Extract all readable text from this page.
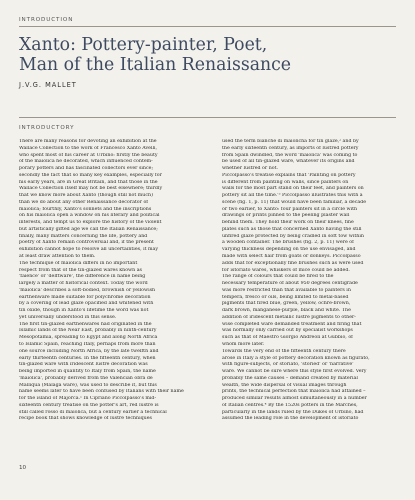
INTRODUCTION
Xanto: Pottery-painter, Poet,
Man of the Italian Renaissance
J.V.G. MALLET
INTRODUCTORY

There are many reasons for devoting an exhibition at the

Wallace Collection to the work of Francesco Xanto Avelli,

who spent most of his career at Urbino: firstly the beauty

of the maiolica he decorated, which influenced contem-

porary potters and has fascinated collectors ever since;

secondly the fact that so many key examples, especially for

his early years, are in Great Britain, and that those in the

Wallace Collection itself may not be best elsewhere; thirdly

that we know more about Xanto (though still not much)

than we do about any other Renaissance decorator of

maiolica; fourthly, Xanto's sonnets and the inscriptions

on his maiolica open a window on his literary and political

interests, and tempt us to explore the history of the violent

but artistically gifted age we call the Italian Renaissance;

finally, many matters concerning the life, pottery and

poetry of Xanto remain controversial and, if the present

exhibition cannot hope to resolve all uncertainties, it may

at least draw attention to them.

The technique of maiolica differs in no important

respect from that of the tin-glazed wares known as

'faience' or 'delftware', the difference in name being

largely a matter of historical context. Today the word

'maiolica' describes a soft-bodied, brownish or yellowish

earthenware made suitable for polychrome decoration

by a covering of lead glaze opacified and whitened with

tin oxide, though in Xanto's lifetime the word was not

yet universally understood in this sense.

The first tin-glazed earthenwares had originated in the

Islamic lands of the Near East, probably in ninth-century

Mesopotamia, spreading to Egypt and along North Africa

to Islamic Spain, reaching Italy, perhaps from more than

one source including North Africa, by the late twelfth and

early thirteenth centuries. In the fifteenth century, when

tin-glazed ware with iridescent lustre decoration was

being imported in quantity to Italy from Spain, the name

'maiolica', probably derived from the Valencian obra de

Malliqua (Malaga ware), was used to describe it, but this

name seems later to have been confused by Italians with their name

for the island of Majorca.¹ In Cipriano Piccolpasso's mid-

sixteenth century treatise on the potter's art, red lustre is

still called rosso di maiolica, but a century earlier a technical

recipe book that shows knowledge of lustre techniques

used the term bianche di maiolicha for tin glaze,² and by

the early sixteenth century, as imports of lustred pottery

from Spain dwindled, the word 'maiolica' was coming to

be used of all tin-glazed ware, whatever its origins and

whether lustred or not.

Piccolpasso's treatise explains that 'Painting on pottery

is different from painting on walls, since painters on

walls for the most part stand on their feet, and painters on

pottery sit all the time.'³ Piccolpasso illustrates this with a

scene (fig. 1, p. 11) that would have been familiar, a decade

or two earlier, to Xanto: four painters sit in a circle with

drawings or prints pinned to the peeling plaster wall

behind them. They hold their work on their knees, fine

plates such as those that concerned Xanto having the still

unfired glaze protected by being cradled in soft tow within

a wooden container. The brushes (fig. 2, p. 11) were of

varying thickness depending on the use envisaged, and

made with select hair from goats or donkeys. Piccolpasso

adds that for exceptionally fine brushes such as were used

for istoriato wares, whiskers of mice could be added.

The range of colours that could be fired to the

necessary temperature of about 950 degrees centigrade

was more restricted than that available to painters in

tempera, fresco or oils, being limited to metal-based

pigments that fired blue, green, yellow, ochre-brown,

dark brown, manganese-purple, black and white. The

addition of iridescent metallic lustre pigments to other-

wise completed ware demanded treatment and firing that

was normally only carried out by specialist workshops

such as that of Maestro Giorgio Andreoli at Gubbio, of

whom more later.

Towards the very end of the fifteenth century there

arose in Italy a style of pottery decoration known as figurato,

with figure-subjects, or storiato, 'storied' or 'narrative'

ware. We cannot be sure where this style first evolved. Very

probably the same causes – demand created by material

wealth, the wide dispersal of visual images through

prints, the technical perfection that maiolica had attained –

produced similar results almost simultaneously in a number

of Italian centres.⁴ By the 1520s potters in the Marches,

particularly in the lands ruled by the Dukes of Urbino, had

assumed the leading role in the development of istoriato

10
